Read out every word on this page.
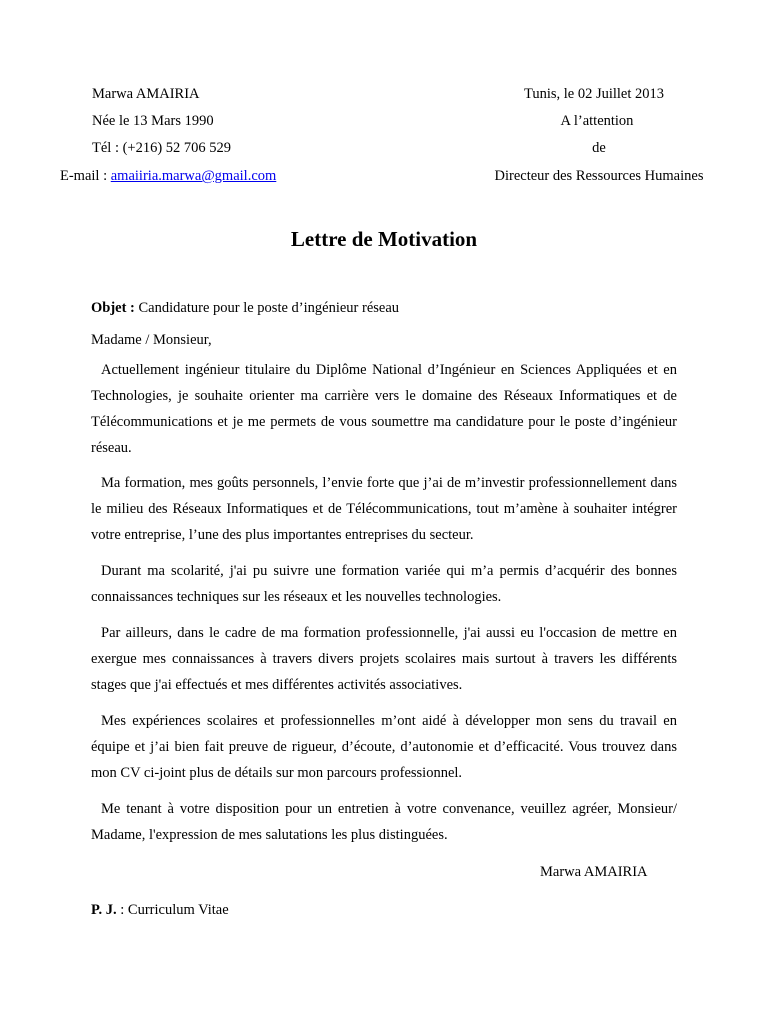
Marwa AMAIRIA
Née le 13 Mars 1990
Tél : (+216) 52 706 529
E-mail : amaiiria.marwa@gmail.com
Tunis, le 02 Juillet 2013
A l’attention
de
Directeur des Ressources Humaines
Lettre de Motivation
Objet : Candidature pour le poste d’ingénieur réseau
Madame / Monsieur,
Actuellement ingénieur titulaire du Diplôme National d’Ingénieur en Sciences Appliquées et en Technologies, je souhaite orienter ma carrière vers le domaine des Réseaux Informatiques et de Télécommunications et je me permets de vous soumettre ma candidature pour le poste d’ingénieur réseau.
Ma formation, mes goûts personnels, l’envie forte que j’ai de m’investir professionnellement dans le milieu des Réseaux Informatiques et de Télécommunications, tout m’amène à souhaiter intégrer votre entreprise, l’une des plus importantes entreprises du secteur.
Durant ma scolarité, j'ai pu suivre une formation variée qui m’a permis d’acquérir des bonnes connaissances techniques sur les réseaux et les nouvelles technologies.
Par ailleurs, dans le cadre de ma formation professionnelle, j'ai aussi eu l'occasion de mettre en exergue mes connaissances à travers divers projets scolaires mais surtout à travers les différents stages que j'ai effectués et mes différentes activités associatives.
Mes expériences scolaires et professionnelles m’ont aidé à développer mon sens du travail en équipe et j’ai bien fait preuve de rigueur, d’écoute, d’autonomie et d’efficacité. Vous trouvez dans mon CV ci-joint plus de détails sur mon parcours professionnel.
Me tenant à votre disposition pour un entretien à votre convenance, veuillez agréer, Monsieur/ Madame, l'expression de mes salutations les plus distinguées.
Marwa AMAIRIA
P. J. : Curriculum Vitae
